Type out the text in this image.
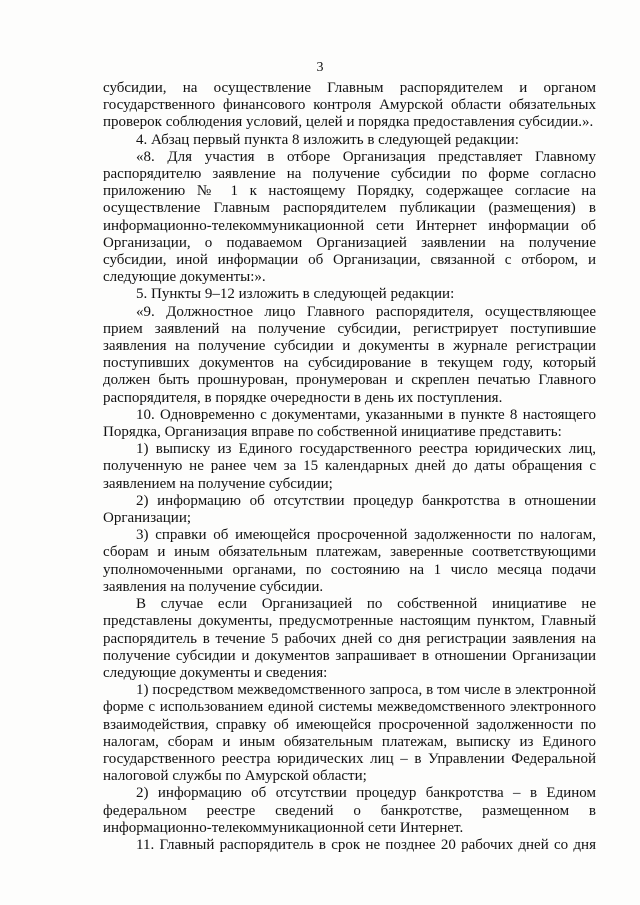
3

субсидии, на осуществление Главным распорядителем и органом государственного финансового контроля Амурской области обязательных проверок соблюдения условий, целей и порядка предоставления субсидии.».

4. Абзац первый пункта 8 изложить в следующей редакции:

«8. Для участия в отборе Организация представляет Главному распорядителю заявление на получение субсидии по форме согласно приложению № 1 к настоящему Порядку, содержащее согласие на осуществление Главным распорядителем публикации (размещения) в информационно-телекоммуникационной сети Интернет информации об Организации, о подаваемом Организацией заявлении на получение субсидии, иной информации об Организации, связанной с отбором, и следующие документы:».

5. Пункты 9–12 изложить в следующей редакции:

«9. Должностное лицо Главного распорядителя, осуществляющее прием заявлений на получение субсидии, регистрирует поступившие заявления на получение субсидии и документы в журнале регистрации поступивших документов на субсидирование в текущем году, который должен быть прошнурован, пронумерован и скреплен печатью Главного распорядителя, в порядке очередности в день их поступления.

10. Одновременно с документами, указанными в пункте 8 настоящего Порядка, Организация вправе по собственной инициативе представить:

1) выписку из Единого государственного реестра юридических лиц, полученную не ранее чем за 15 календарных дней до даты обращения с заявлением на получение субсидии;

2) информацию об отсутствии процедур банкротства в отношении Организации;

3) справки об имеющейся просроченной задолженности по налогам, сборам и иным обязательным платежам, заверенные соответствующими уполномоченными органами, по состоянию на 1 число месяца подачи заявления на получение субсидии.

В случае если Организацией по собственной инициативе не представлены документы, предусмотренные настоящим пунктом, Главный распорядитель в течение 5 рабочих дней со дня регистрации заявления на получение субсидии и документов запрашивает в отношении Организации следующие документы и сведения:

1) посредством межведомственного запроса, в том числе в электронной форме с использованием единой системы межведомственного электронного взаимодействия, справку об имеющейся просроченной задолженности по налогам, сборам и иным обязательным платежам, выписку из Единого государственного реестра юридических лиц – в Управлении Федеральной налоговой службы по Амурской области;

2) информацию об отсутствии процедур банкротства – в Едином федеральном реестре сведений о банкротстве, размещенном в информационно-телекоммуникационной сети Интернет.

11. Главный распорядитель в срок не позднее 20 рабочих дней со дня
